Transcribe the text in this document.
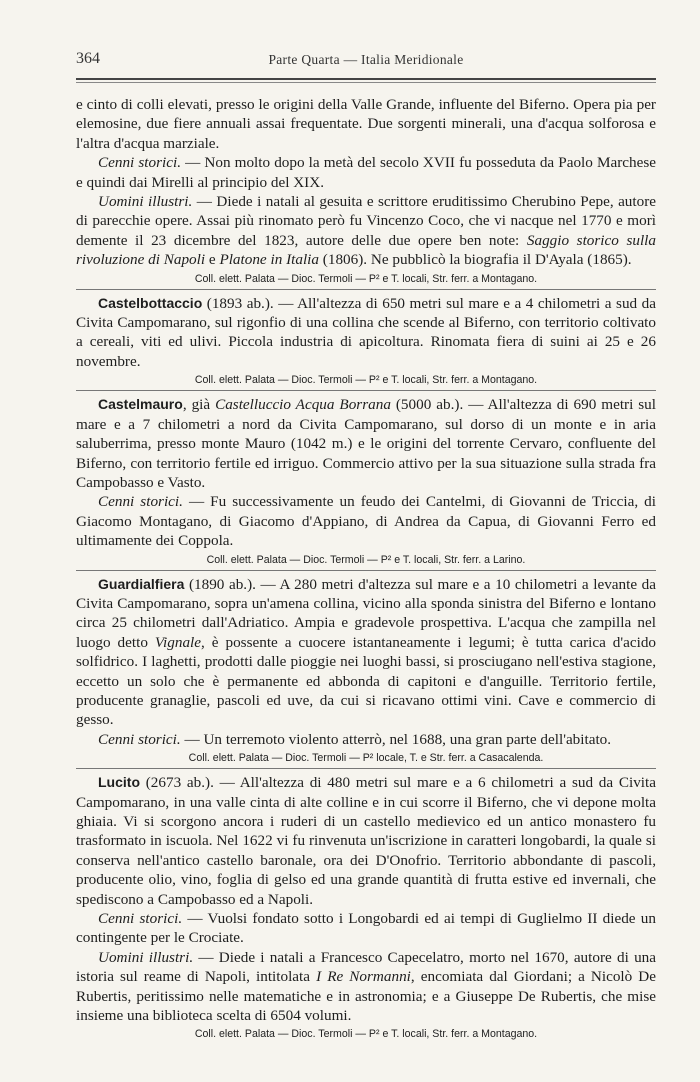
364	Parte Quarta — Italia Meridionale

e cinto di colli elevati, presso le origini della Valle Grande, influente del Biferno. Opera pia per elemosine, due fiere annuali assai frequentate. Due sorgenti minerali, una d'acqua solforosa e l'altra d'acqua marziale.

Cenni storici. — Non molto dopo la metà del secolo XVII fu posseduta da Paolo Marchese e quindi dai Mirelli al principio del XIX.

Uomini illustri. — Diede i natali al gesuita e scrittore eruditissimo Cherubino Pepe, autore di parecchie opere. Assai più rinomato però fu Vincenzo Coco, che vi nacque nel 1770 e morì demente il 23 dicembre del 1823, autore delle due opere ben note: Saggio storico sulla rivoluzione di Napoli e Platone in Italia (1806). Ne pubblicò la biografia il D'Ayala (1865).

Coll. elett. Palata — Dioc. Termoli — P² e T. locali, Str. ferr. a Montagano.

Castelbottaccio (1893 ab.). — All'altezza di 650 metri sul mare e a 4 chilometri a sud da Civita Campomarano, sul rigonfio di una collina che scende al Biferno, con territorio coltivato a cereali, viti ed ulivi. Piccola industria di apicoltura. Rinomata fiera di suini ai 25 e 26 novembre.

Coll. elett. Palata — Dioc. Termoli — P² e T. locali, Str. ferr. a Montagano.

Castelmauro, già Castelluccio Acqua Borrana (5000 ab.). — All'altezza di 690 metri sul mare e a 7 chilometri a nord da Civita Campomarano, sul dorso di un monte e in aria saluberrima, presso monte Mauro (1042 m.) e le origini del torrente Cervaro, confluente del Biferno, con territorio fertile ed irriguo. Commercio attivo per la sua situazione sulla strada fra Campobasso e Vasto.

Cenni storici. — Fu successivamente un feudo dei Cantelmi, di Giovanni de Triccia, di Giacomo Montagano, di Giacomo d'Appiano, di Andrea da Capua, di Giovanni Ferro ed ultimamente dei Coppola.

Coll. elett. Palata — Dioc. Termoli — P² e T. locali, Str. ferr. a Larino.

Guardialfiera (1890 ab.). — A 280 metri d'altezza sul mare e a 10 chilometri a levante da Civita Campomarano, sopra un'amena collina, vicino alla sponda sinistra del Biferno e lontano circa 25 chilometri dall'Adriatico. Ampia e gradevole prospettiva. L'acqua che zampilla nel luogo detto Vignale, è possente a cuocere istantaneamente i legumi; è tutta carica d'acido solfidrico. I laghetti, prodotti dalle pioggie nei luoghi bassi, si prosciugano nell'estiva stagione, eccetto un solo che è permanente ed abbonda di capitoni e d'anguille. Territorio fertile, producente granaglie, pascoli ed uve, da cui si ricavano ottimi vini. Cave e commercio di gesso.

Cenni storici. — Un terremoto violento atterrò, nel 1688, una gran parte dell'abitato.

Coll. elett. Palata — Dioc. Termoli — P² locale, T. e Str. ferr. a Casacalenda.

Lucito (2673 ab.). — All'altezza di 480 metri sul mare e a 6 chilometri a sud da Civita Campomarano, in una valle cinta di alte colline e in cui scorre il Biferno, che vi depone molta ghiaia. Vi si scorgono ancora i ruderi di un castello medievico ed un antico monastero fu trasformato in iscuola. Nel 1622 vi fu rinvenuta un'iscrizione in caratteri longobardi, la quale si conserva nell'antico castello baronale, ora dei D'Onofrio. Territorio abbondante di pascoli, producente olio, vino, foglia di gelso ed una grande quantità di frutta estive ed invernali, che spediscono a Campobasso ed a Napoli.

Cenni storici. — Vuolsi fondato sotto i Longobardi ed ai tempi di Guglielmo II diede un contingente per le Crociate.

Uomini illustri. — Diede i natali a Francesco Capecelatro, morto nel 1670, autore di una istoria sul reame di Napoli, intitolata I Re Normanni, encomiata dal Giordani; a Nicolò De Rubertis, peritissimo nelle matematiche e in astronomia; e a Giuseppe De Rubertis, che mise insieme una biblioteca scelta di 6504 volumi.

Coll. elett. Palata — Dioc. Termoli — P² e T. locali, Str. ferr. a Montagano.
